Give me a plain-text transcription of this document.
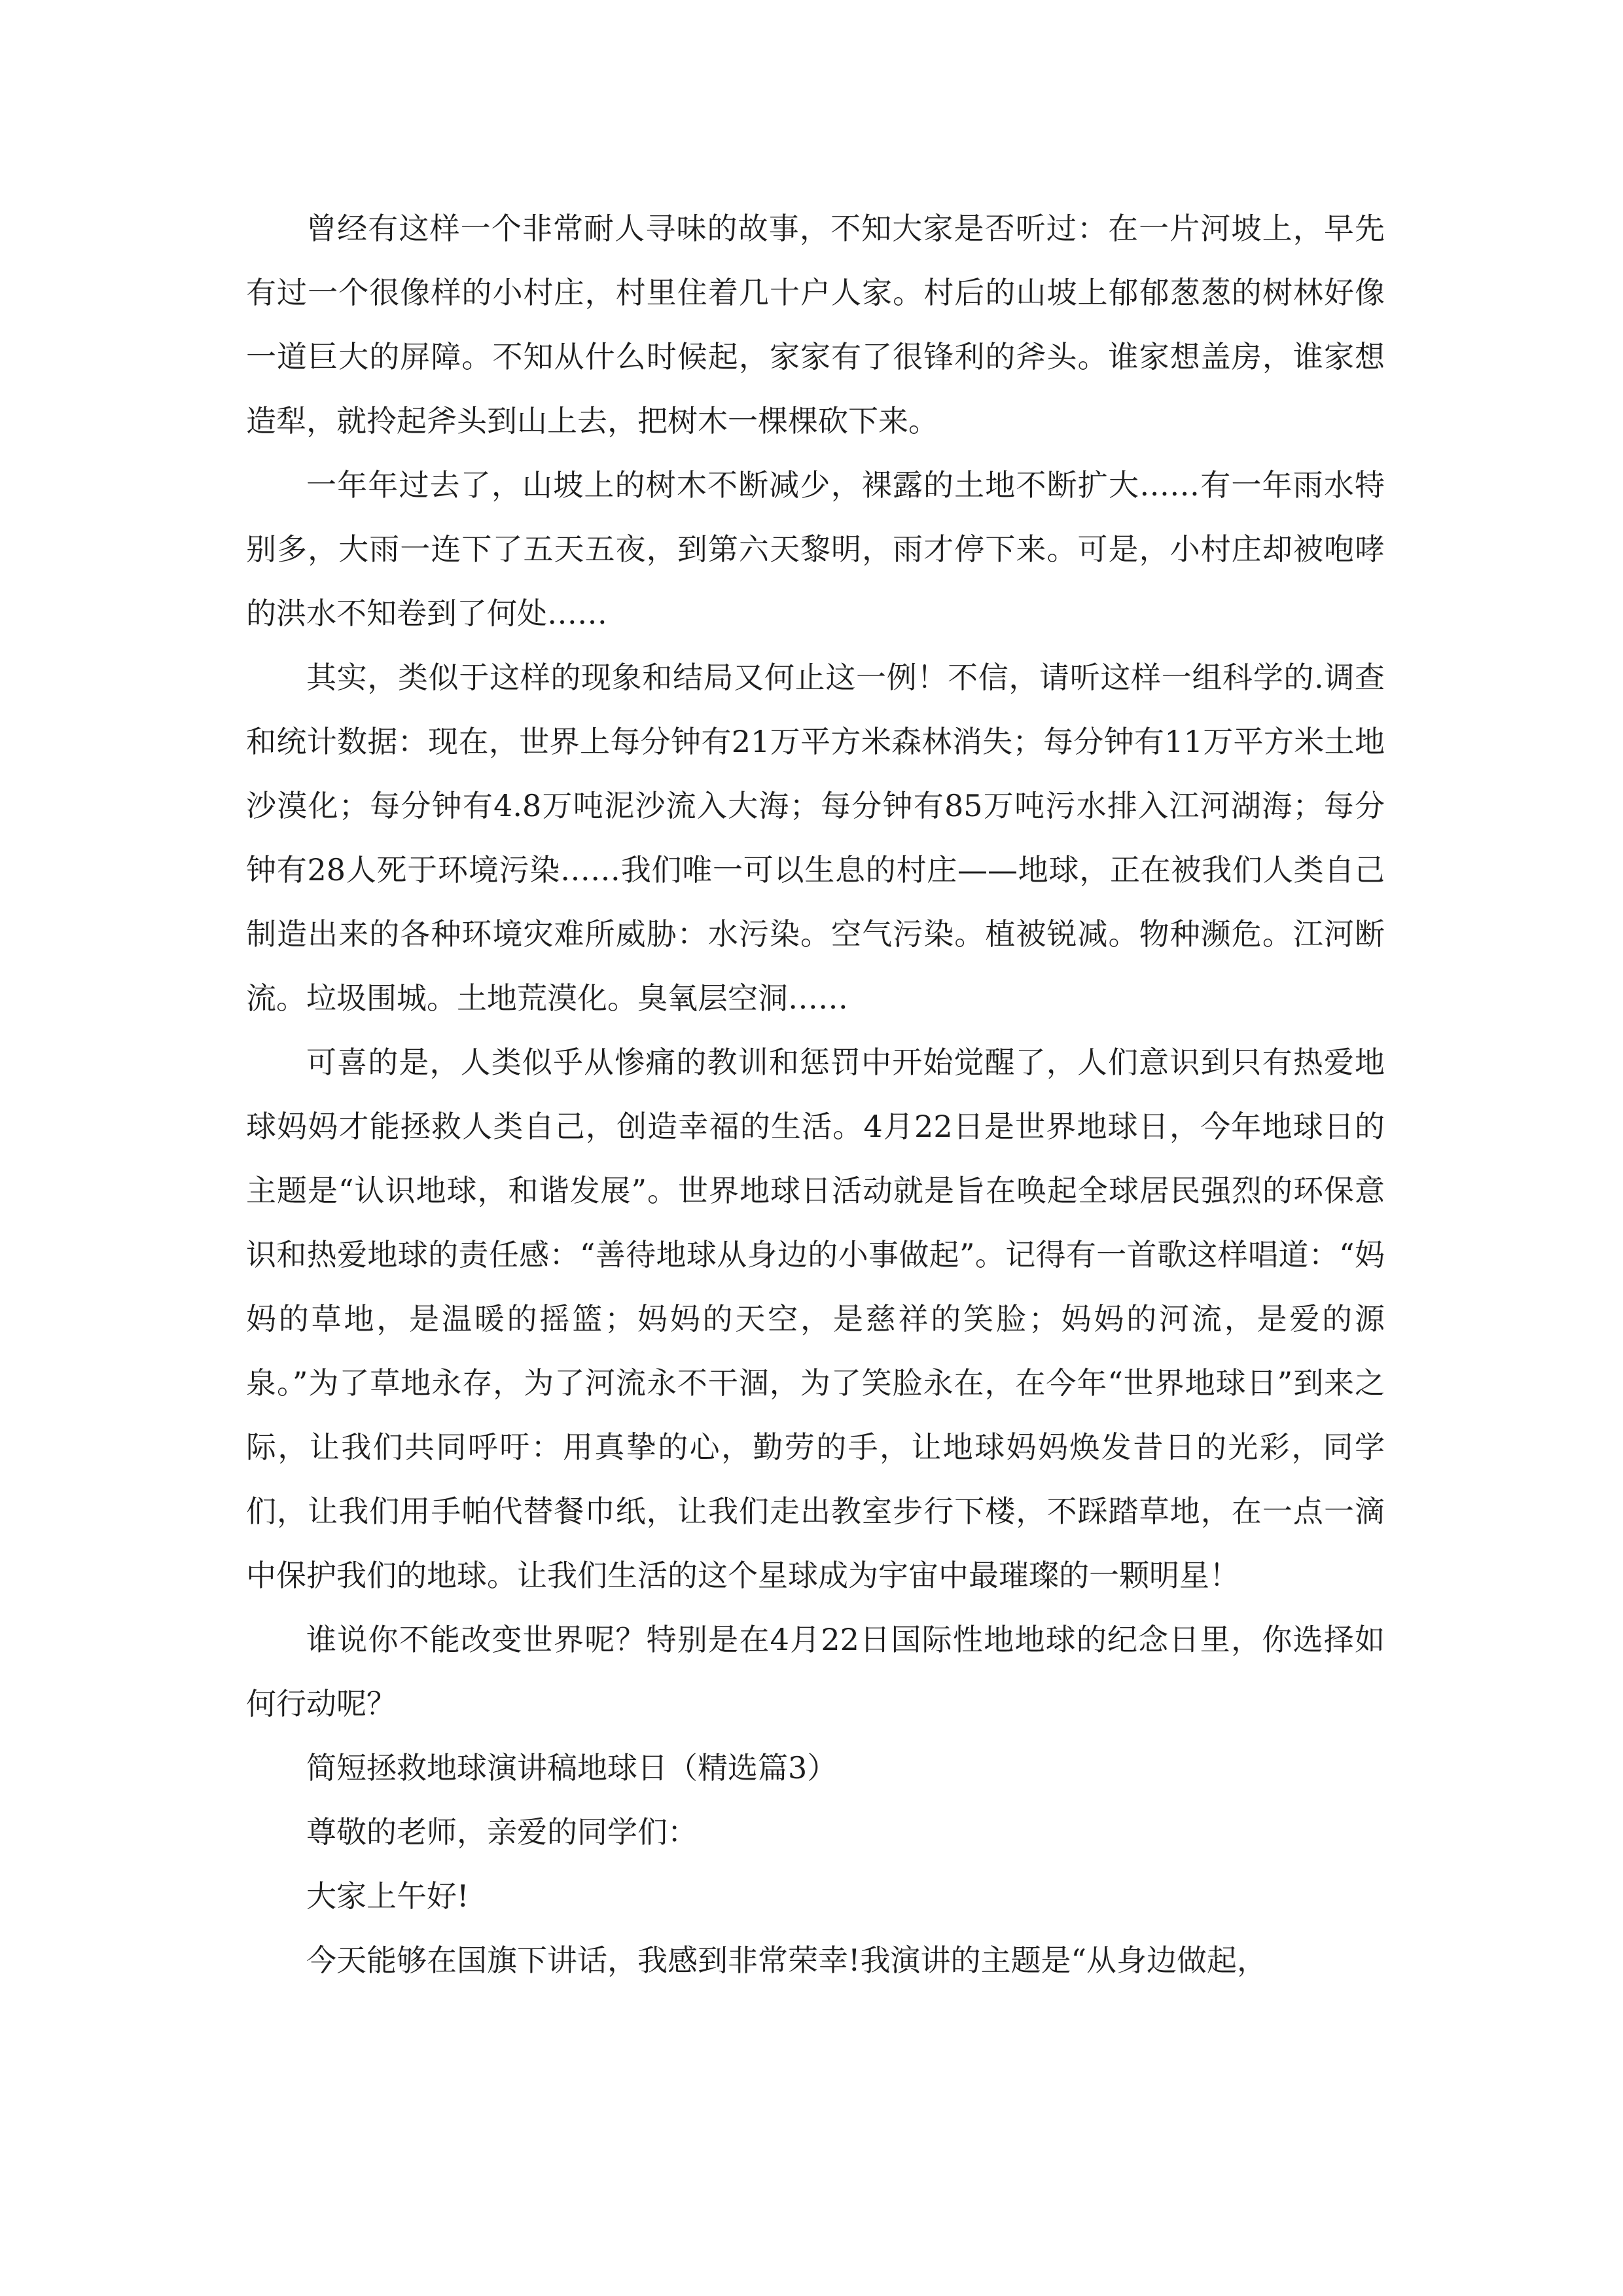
曾经有这样一个非常耐人寻味的故事，不知大家是否听过：在一片河坡上，早先有过一个很像样的小村庄，村里住着几十户人家。村后的山坡上郁郁葱葱的树林好像一道巨大的屏障。不知从什么时候起，家家有了很锋利的斧头。谁家想盖房，谁家想造犁，就拎起斧头到山上去，把树木一棵棵砍下来。

一年年过去了，山坡上的树木不断减少，裸露的土地不断扩大……有一年雨水特别多，大雨一连下了五天五夜，到第六天黎明，雨才停下来。可是，小村庄却被咆哮的洪水不知卷到了何处……

其实，类似于这样的现象和结局又何止这一例！不信，请听这样一组科学的.调查和统计数据：现在，世界上每分钟有21万平方米森林消失；每分钟有11万平方米土地沙漠化；每分钟有4.8万吨泥沙流入大海；每分钟有85万吨污水排入江河湖海；每分钟有28人死于环境污染……我们唯一可以生息的村庄——地球，正在被我们人类自己制造出来的各种环境灾难所威胁：水污染。空气污染。植被锐减。物种濒危。江河断流。垃圾围城。土地荒漠化。臭氧层空洞……

可喜的是，人类似乎从惨痛的教训和惩罚中开始觉醒了，人们意识到只有热爱地球妈妈才能拯救人类自己，创造幸福的生活。4月22日是世界地球日，今年地球日的主题是“认识地球，和谐发展”。世界地球日活动就是旨在唤起全球居民强烈的环保意识和热爱地球的责任感：“善待地球从身边的小事做起”。记得有一首歌这样唱道：“妈妈的草地，是温暖的摇篮；妈妈的天空，是慈祥的笑脸；妈妈的河流，是爱的源泉。”为了草地永存，为了河流永不干涸，为了笑脸永在，在今年“世界地球日”到来之际，让我们共同呼吁：用真挚的心，勤劳的手，让地球妈妈焕发昔日的光彩，同学们，让我们用手帕代替餐巾纸，让我们走出教室步行下楼，不踩踏草地，在一点一滴中保护我们的地球。让我们生活的这个星球成为宇宙中最璀璨的一颗明星！

谁说你不能改变世界呢？特别是在4月22日国际性地地球的纪念日里，你选择如何行动呢？

简短拯救地球演讲稿地球日（精选篇3）

尊敬的老师，亲爱的同学们：

大家上午好!

今天能够在国旗下讲话，我感到非常荣幸!我演讲的主题是“从身边做起，
